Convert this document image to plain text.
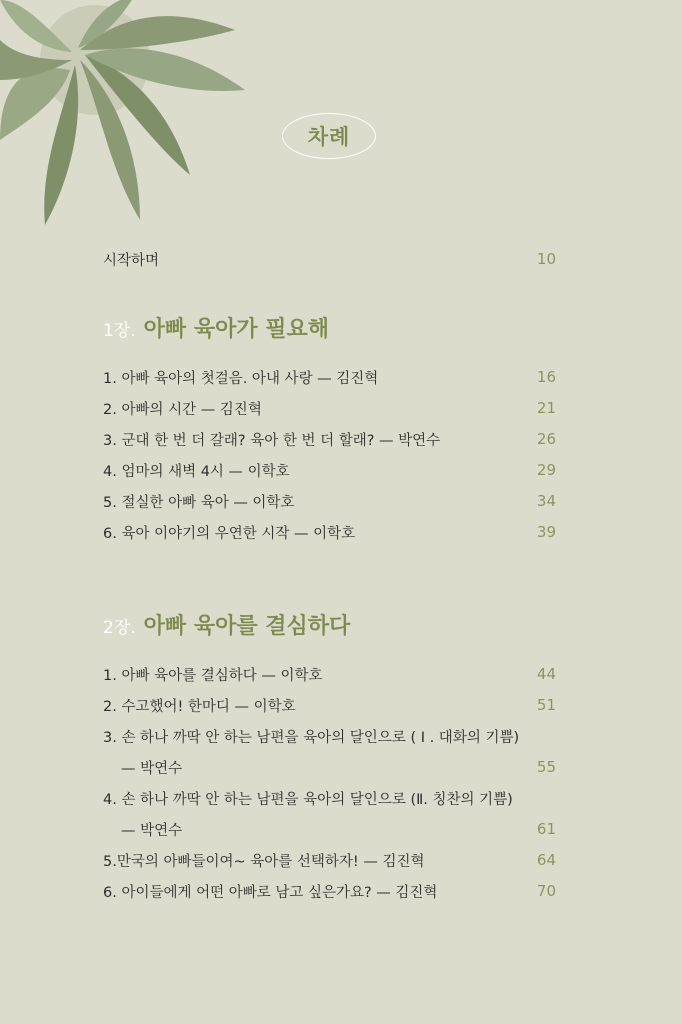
차례
시작하며	10
1장. 아빠 육아가 필요해
1. 아빠 육아의 첫걸음. 아내 사랑 — 김진혁	16
2. 아빠의 시간 — 김진혁	21
3. 군대 한 번 더 갈래? 육아 한 번 더 할래? — 박연수	26
4. 엄마의 새벽 4시 — 이학호	29
5. 절실한 아빠 육아 — 이학호	34
6. 육아 이야기의 우연한 시작 — 이학호	39
2장. 아빠 육아를 결심하다
1. 아빠 육아를 결심하다 — 이학호	44
2. 수고했어! 한마디 — 이학호	51
3. 손 하나 까딱 안 하는 남편을 육아의 달인으로 ( I . 대화의 기쁨)
— 박연수	55
4. 손 하나 까딱 안 하는 남편을 육아의 달인으로 (Ⅱ. 칭찬의 기쁨)
— 박연수	61
5.만국의 아빠들이여~ 육아를 선택하자! — 김진혁	64
6. 아이들에게 어떤 아빠로 남고 싶은가요? — 김진혁	70
